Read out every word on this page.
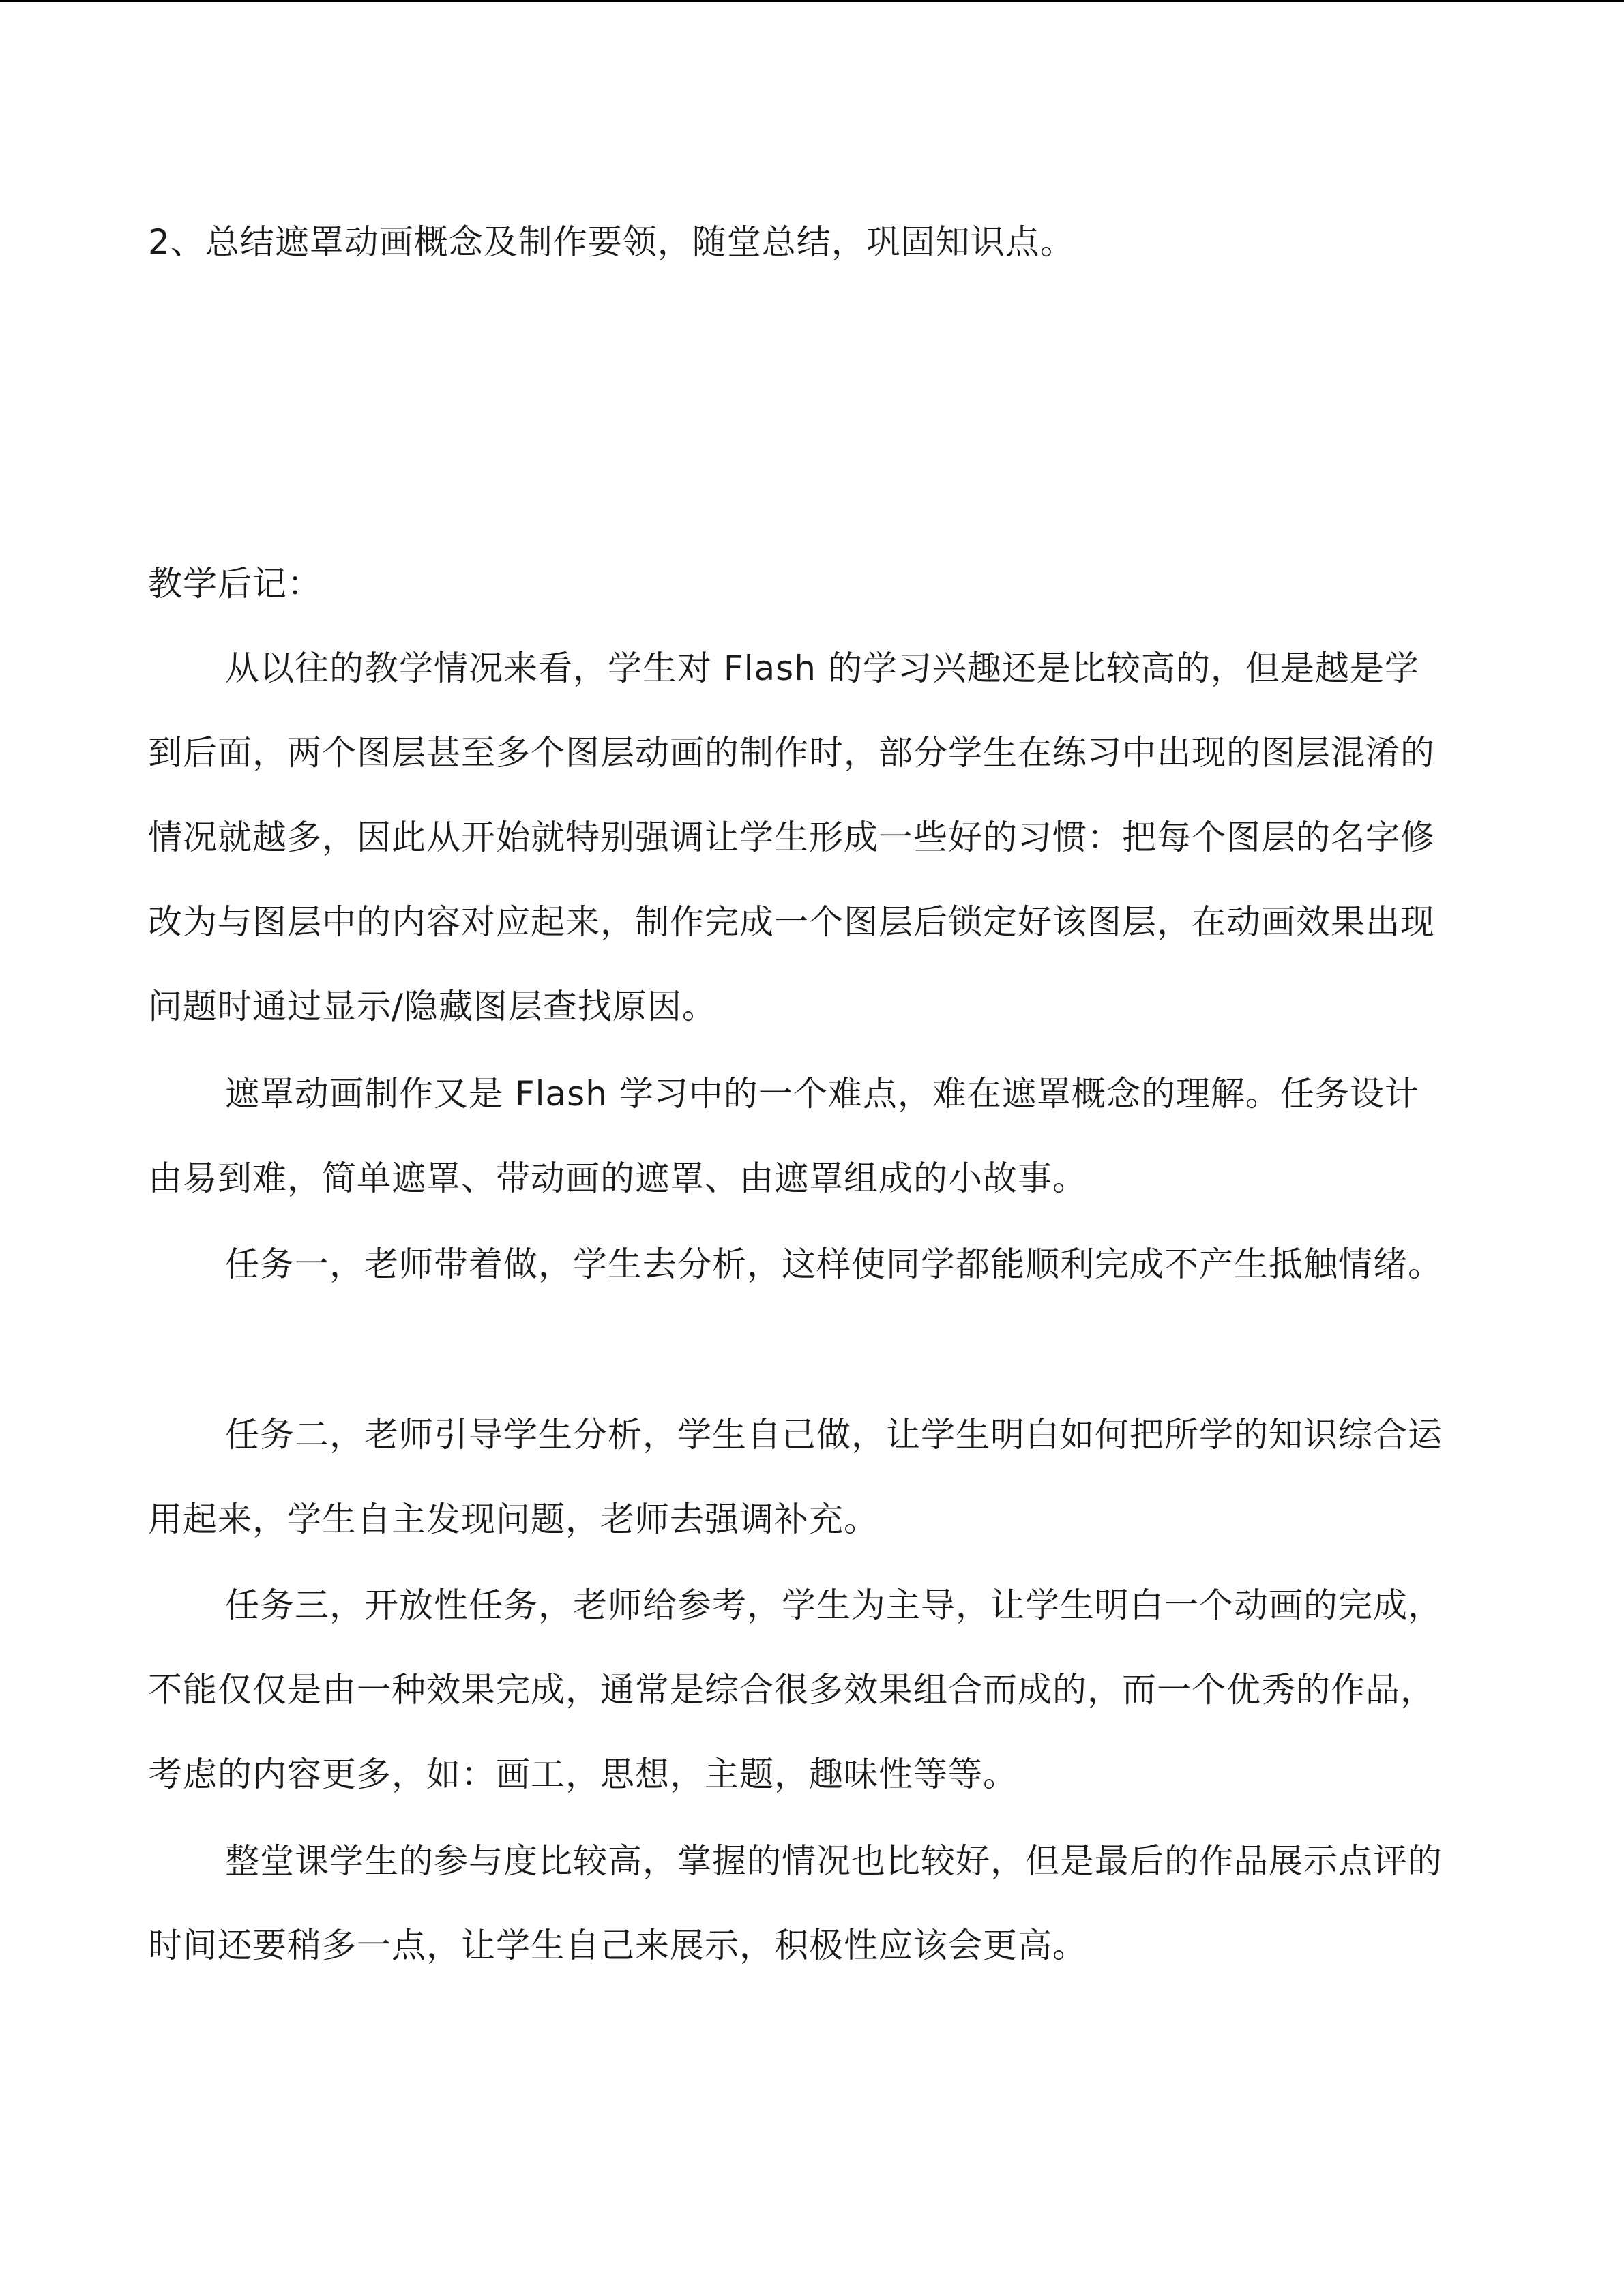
2、总结遮罩动画概念及制作要领，随堂总结，巩固知识点。

教学后记：

从以往的教学情况来看，学生对 Flash 的学习兴趣还是比较高的，但是越是学到后面，两个图层甚至多个图层动画的制作时，部分学生在练习中出现的图层混淆的情况就越多，因此从开始就特别强调让学生形成一些好的习惯：把每个图层的名字修改为与图层中的内容对应起来，制作完成一个图层后锁定好该图层，在动画效果出现问题时通过显示/隐藏图层查找原因。

遮罩动画制作又是 Flash 学习中的一个难点，难在遮罩概念的理解。任务设计由易到难，简单遮罩、带动画的遮罩、由遮罩组成的小故事。

任务一，老师带着做，学生去分析，这样使同学都能顺利完成不产生抵触情绪。

任务二，老师引导学生分析，学生自己做，让学生明白如何把所学的知识综合运用起来，学生自主发现问题，老师去强调补充。

任务三，开放性任务，老师给参考，学生为主导，让学生明白一个动画的完成，不能仅仅是由一种效果完成，通常是综合很多效果组合而成的，而一个优秀的作品，考虑的内容更多，如：画工，思想，主题，趣味性等等。

整堂课学生的参与度比较高，掌握的情况也比较好，但是最后的作品展示点评的时间还要稍多一点，让学生自己来展示，积极性应该会更高。
